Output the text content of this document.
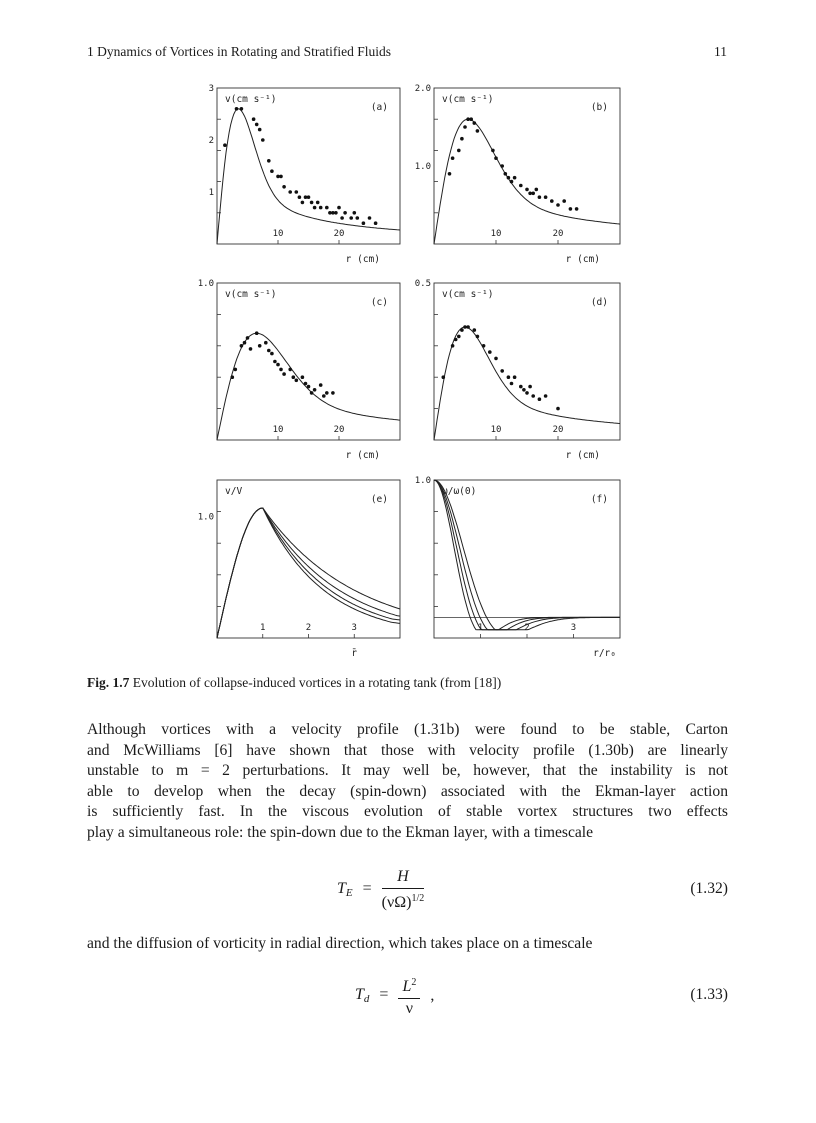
1 Dynamics of Vortices in Rotating and Stratified Fluids	11
v(cm s⁻¹)
(a)
1
2
3
10	20
r (cm)
v(cm s⁻¹)
(b)
1.0
2.0
10	20
r (cm)
v(cm s⁻¹)
(c)
1.0
10	20
r (cm)
v(cm s⁻¹)
(d)
0.5
10	20
r (cm)
v/V
(e)
1.0
1	2	3
r̄
ω/ω(0)
(f)
1.0
1	2	3
r/r₀
Fig. 1.7 Evolution of collapse-induced vortices in a rotating tank (from [18])
Although vortices with a velocity profile (1.31b) were found to be stable, Carton
and McWilliams [6] have shown that those with velocity profile (1.30b) are linearly
unstable to m = 2 perturbations. It may well be, however, that the instability is not
able to develop when the decay (spin-down) associated with the Ekman-layer action
is sufficiently fast. In the viscous evolution of stable vortex structures two effects
play a simultaneous role: the spin-down due to the Ekman layer, with a timescale
$T_E = \frac{H}{(\nu\Omega)^{1/2}}$	(1.32)
and the diffusion of vorticity in radial direction, which takes place on a timescale
$T_d = \frac{L^2}{\nu}$ ,	(1.33)
